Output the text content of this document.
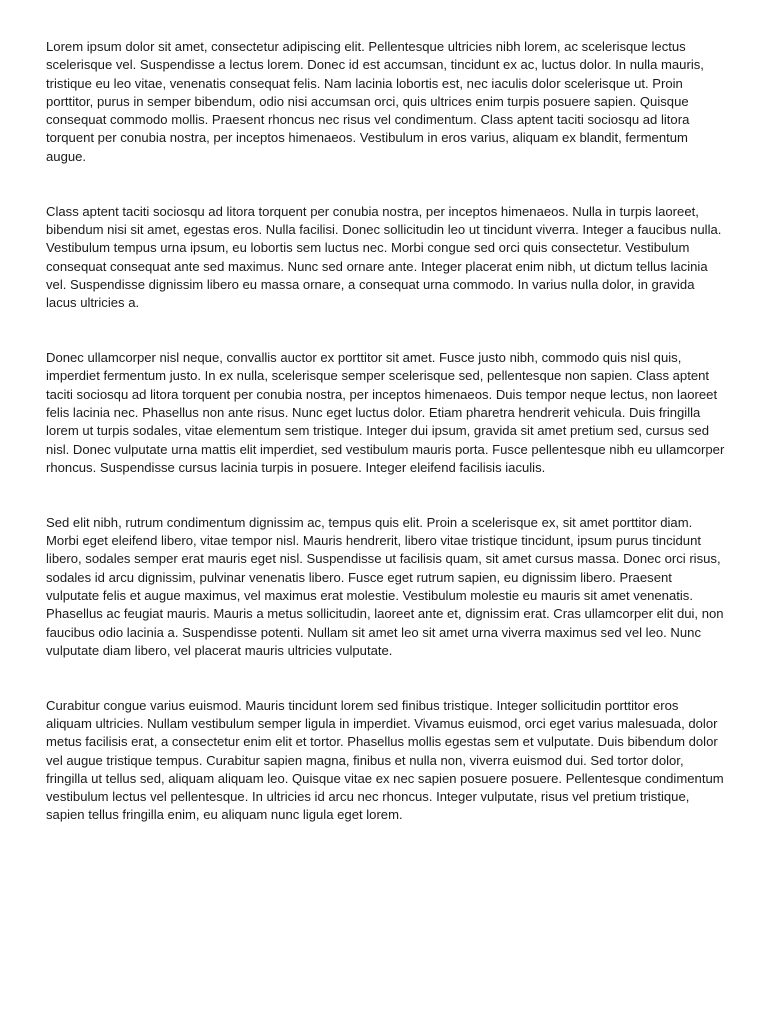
Lorem ipsum dolor sit amet, consectetur adipiscing elit. Pellentesque ultricies nibh lorem, ac scelerisque lectus scelerisque vel. Suspendisse a lectus lorem. Donec id est accumsan, tincidunt ex ac, luctus dolor. In nulla mauris, tristique eu leo vitae, venenatis consequat felis. Nam lacinia lobortis est, nec iaculis dolor scelerisque ut. Proin porttitor, purus in semper bibendum, odio nisi accumsan orci, quis ultrices enim turpis posuere sapien. Quisque consequat commodo mollis. Praesent rhoncus nec risus vel condimentum. Class aptent taciti sociosqu ad litora torquent per conubia nostra, per inceptos himenaeos. Vestibulum in eros varius, aliquam ex blandit, fermentum augue.

Class aptent taciti sociosqu ad litora torquent per conubia nostra, per inceptos himenaeos. Nulla in turpis laoreet, bibendum nisi sit amet, egestas eros. Nulla facilisi. Donec sollicitudin leo ut tincidunt viverra. Integer a faucibus nulla. Vestibulum tempus urna ipsum, eu lobortis sem luctus nec. Morbi congue sed orci quis consectetur. Vestibulum consequat consequat ante sed maximus. Nunc sed ornare ante. Integer placerat enim nibh, ut dictum tellus lacinia vel. Suspendisse dignissim libero eu massa ornare, a consequat urna commodo. In varius nulla dolor, in gravida lacus ultricies a.

Donec ullamcorper nisl neque, convallis auctor ex porttitor sit amet. Fusce justo nibh, commodo quis nisl quis, imperdiet fermentum justo. In ex nulla, scelerisque semper scelerisque sed, pellentesque non sapien. Class aptent taciti sociosqu ad litora torquent per conubia nostra, per inceptos himenaeos. Duis tempor neque lectus, non laoreet felis lacinia nec. Phasellus non ante risus. Nunc eget luctus dolor. Etiam pharetra hendrerit vehicula. Duis fringilla lorem ut turpis sodales, vitae elementum sem tristique. Integer dui ipsum, gravida sit amet pretium sed, cursus sed nisl. Donec vulputate urna mattis elit imperdiet, sed vestibulum mauris porta. Fusce pellentesque nibh eu ullamcorper rhoncus. Suspendisse cursus lacinia turpis in posuere. Integer eleifend facilisis iaculis.

Sed elit nibh, rutrum condimentum dignissim ac, tempus quis elit. Proin a scelerisque ex, sit amet porttitor diam. Morbi eget eleifend libero, vitae tempor nisl. Mauris hendrerit, libero vitae tristique tincidunt, ipsum purus tincidunt libero, sodales semper erat mauris eget nisl. Suspendisse ut facilisis quam, sit amet cursus massa. Donec orci risus, sodales id arcu dignissim, pulvinar venenatis libero. Fusce eget rutrum sapien, eu dignissim libero. Praesent vulputate felis et augue maximus, vel maximus erat molestie. Vestibulum molestie eu mauris sit amet venenatis. Phasellus ac feugiat mauris. Mauris a metus sollicitudin, laoreet ante et, dignissim erat. Cras ullamcorper elit dui, non faucibus odio lacinia a. Suspendisse potenti. Nullam sit amet leo sit amet urna viverra maximus sed vel leo. Nunc vulputate diam libero, vel placerat mauris ultricies vulputate.

Curabitur congue varius euismod. Mauris tincidunt lorem sed finibus tristique. Integer sollicitudin porttitor eros aliquam ultricies. Nullam vestibulum semper ligula in imperdiet. Vivamus euismod, orci eget varius malesuada, dolor metus facilisis erat, a consectetur enim elit et tortor. Phasellus mollis egestas sem et vulputate. Duis bibendum dolor vel augue tristique tempus. Curabitur sapien magna, finibus et nulla non, viverra euismod dui. Sed tortor dolor, fringilla ut tellus sed, aliquam aliquam leo. Quisque vitae ex nec sapien posuere posuere. Pellentesque condimentum vestibulum lectus vel pellentesque. In ultricies id arcu nec rhoncus. Integer vulputate, risus vel pretium tristique, sapien tellus fringilla enim, eu aliquam nunc ligula eget lorem.
